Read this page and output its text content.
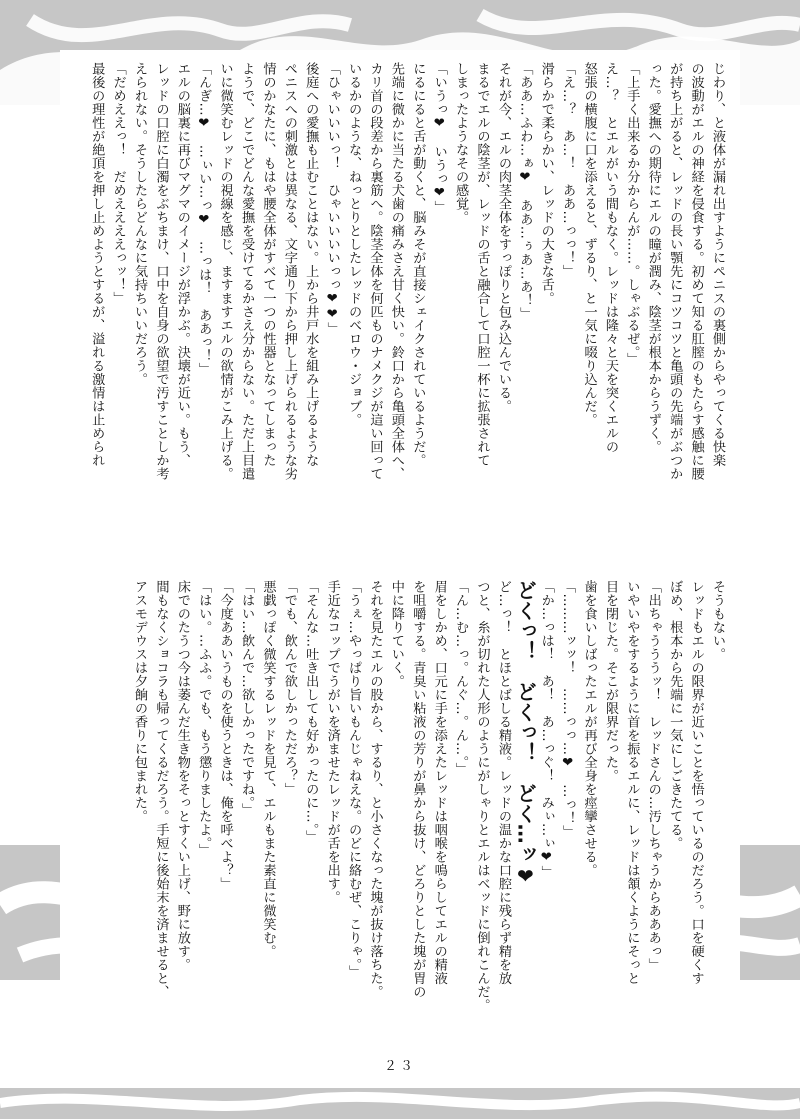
じわり、と液体が漏れ出すようにペニスの裏側からやってくる快楽

の波動がエルの神経を侵食する。初めて知る肛膣のもたらす感触に腰

が持ち上がると、レッドの長い顎先にコツコツと亀頭の先端がぶつか

った。愛撫への期待にエルの瞳が潤み、陰茎が根本からうずく。

「上手く出来るか分からんが……。しゃぶるぜ。」

え…？　とエルがいう間もなく。レッドは隆々と天を突くエルの

怒張の横腹に口を添えると、ずるり、と一気に啜り込んだ。

「え…？　あ…！　ああ…っっ！」

滑らかで柔らかい、レッドの大きな舌。

「ああ…ふわ…ぁ❤　ああ…ぅあ…あ！」

それが今、エルの肉茎全体をすっぽりと包み込んでいる。

まるでエルの陰茎が、レッドの舌と融合して口腔一杯に拡張されて

しまったようなその感覚。

「いうっ❤　いうっ❤」

にるにると舌が動くと、脳みそが直接シェイクされているようだ。

先端に微かに当たる犬歯の痛みさえ甘く快い。鈴口から亀頭全体へ、

カリ首の段差から裏筋へ。陰茎全体を何匹ものナメクジが這い回って

いるかのような、ねっとりとしたレッドのベロウ・ジョブ。

「ひゃいいいっ！　ひゃいいいいっっ❤❤」

後庭への愛撫も止むことはない。上から井戸水を組み上げるような

ペニスへの刺激とは異なる、文字通り下から押し上げられるような劣

情のかなたに、もはや腰全体がすべて一つの性器となってしまった

ようで、どこでどんな愛撫を受けてるかさえ分からない。ただ上目遣

いに微笑むレッドの視線を感じ、ますますエルの欲情がこみ上げる。

「んぎ…❤　…ぃい…っ❤　…っは！　ああっ！」

エルの脳裏に再びマグマのイメージが浮かぶ。決壊が近い。もう、

レッドの口腔に白濁をぶちまけ、口中を自身の欲望で汚すことしか考

えられない。そうしたらどんなに気持ちいいだろう。

「だめええっ！　だめええええっッ！」

最後の理性が絶頂を押し止めようとするが、溢れる激情は止められ

そうもない。

レッドもエルの限界が近いことを悟っているのだろう。口を硬くす

ぼめ、根本から先端に一気にしごきたてる。

「出ちゃうううッ！　レッドさんの…汚しちゃうからあああっ」

いやいやをするように首を振るエルに、レッドは頷くようにそっと

目を閉じた。そこが限界だった。

歯を食いしばったエルが再び全身を痙攣させる。

「………ッッ！　……っっ…❤　…っ！」

「か…っは！　あ！　あ…っぐ！　みぃ…ぃ❤」

どくっ！　どくっ！　どく…ッ❤

ど…っ！　とほとばしる精液。レッドの温かな口腔に残らず精を放

つと、糸が切れた人形のようにがしゃりとエルはベッドに倒れこんだ。

「ん…む…っ。んぐ…。ん…。」

眉をしかめ、口元に手を添えたレッドは咽喉を鳴らしてエルの精液

を咀嚼する。青臭い粘液の芳りが鼻から抜け、どろりとした塊が胃の

中に降りていく。

それを見たエルの股から、するり、と小さくなった塊が抜け落ちた。

「うぇ…やっぱり旨いもんじゃねえな。のどに絡むぜ、こりゃ。」

手近なコップでうがいを済ませたレッドが舌を出す。

「そんな…吐き出しても好かったのに…。」

「でも、飲んで欲しかっただろ？」

悪戯っぽく微笑するレッドを見て、エルもまた素直に微笑む。

「はい…飲んで…欲しかったですね。」

「今度ああいうものを使うときは、俺を呼べよ？」

「はい。…ふふ。でも、もう懲りましたよ。」

床でのたうつ今は萎んだ生き物をそっとすくい上げ、野に放す。

間もなくショコラも帰ってくるだろう。手短に後始末を済ませると、

アスモデウスは夕餉の香りに包まれた。

２３
